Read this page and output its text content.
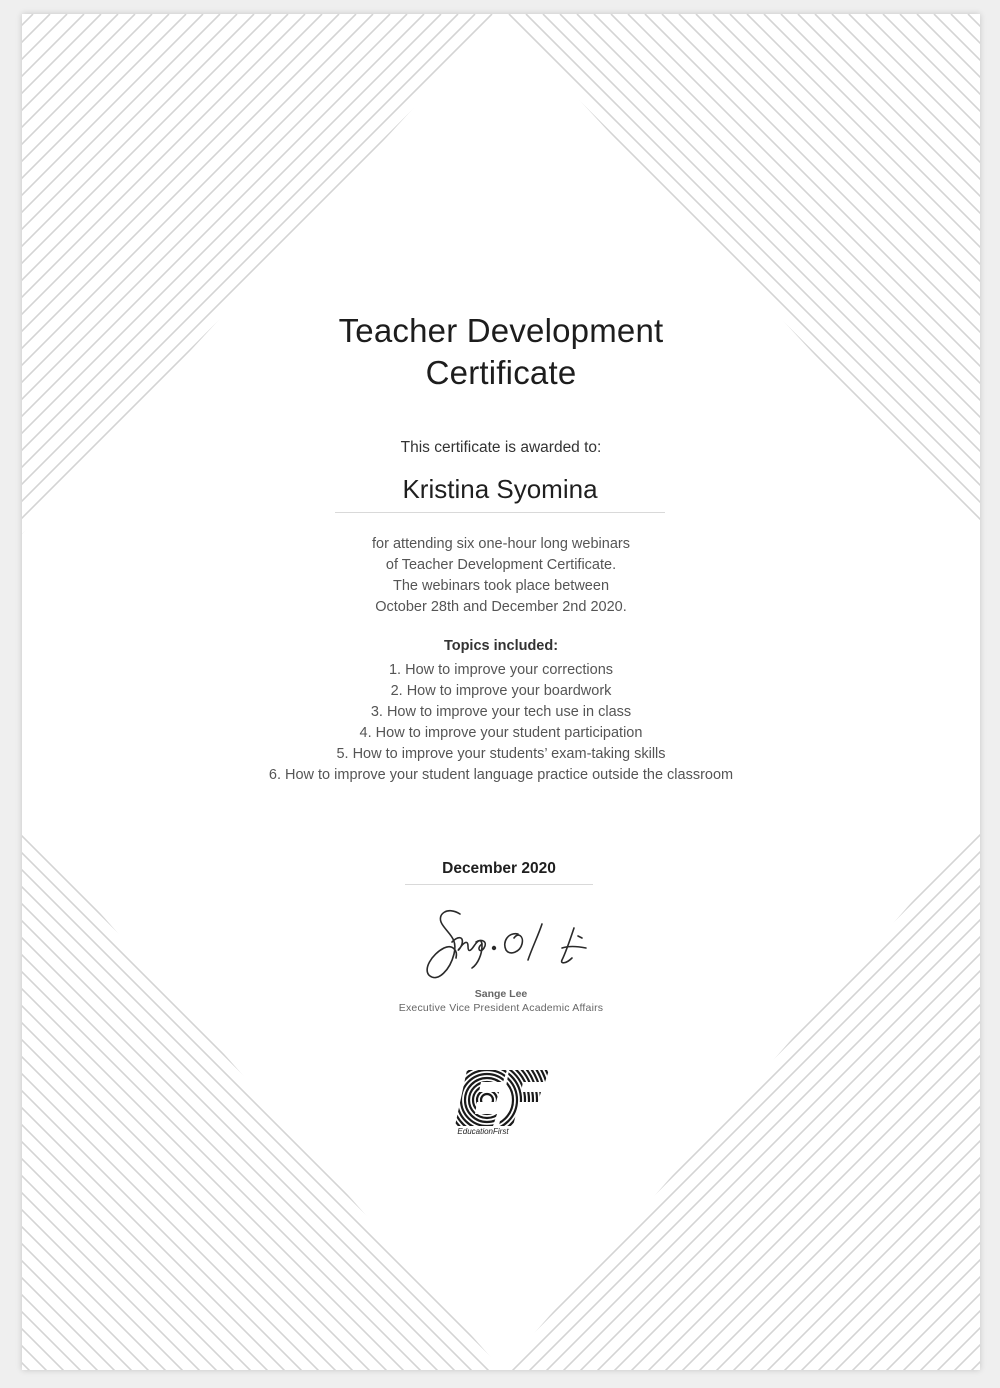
Teacher Development
Certificate
This certificate is awarded to:
Kristina Syomina
for attending six one-hour long webinars
of Teacher Development Certificate.
The webinars took place between
October 28th and December 2nd 2020.
Topics included:
1. How to improve your corrections
2. How to improve your boardwork
3. How to improve your tech use in class
4. How to improve your student participation
5. How to improve your students’ exam-taking skills
6. How to improve your student language practice outside the classroom
December 2020
Sange Lee
Executive Vice President Academic Affairs
EducationFirst
